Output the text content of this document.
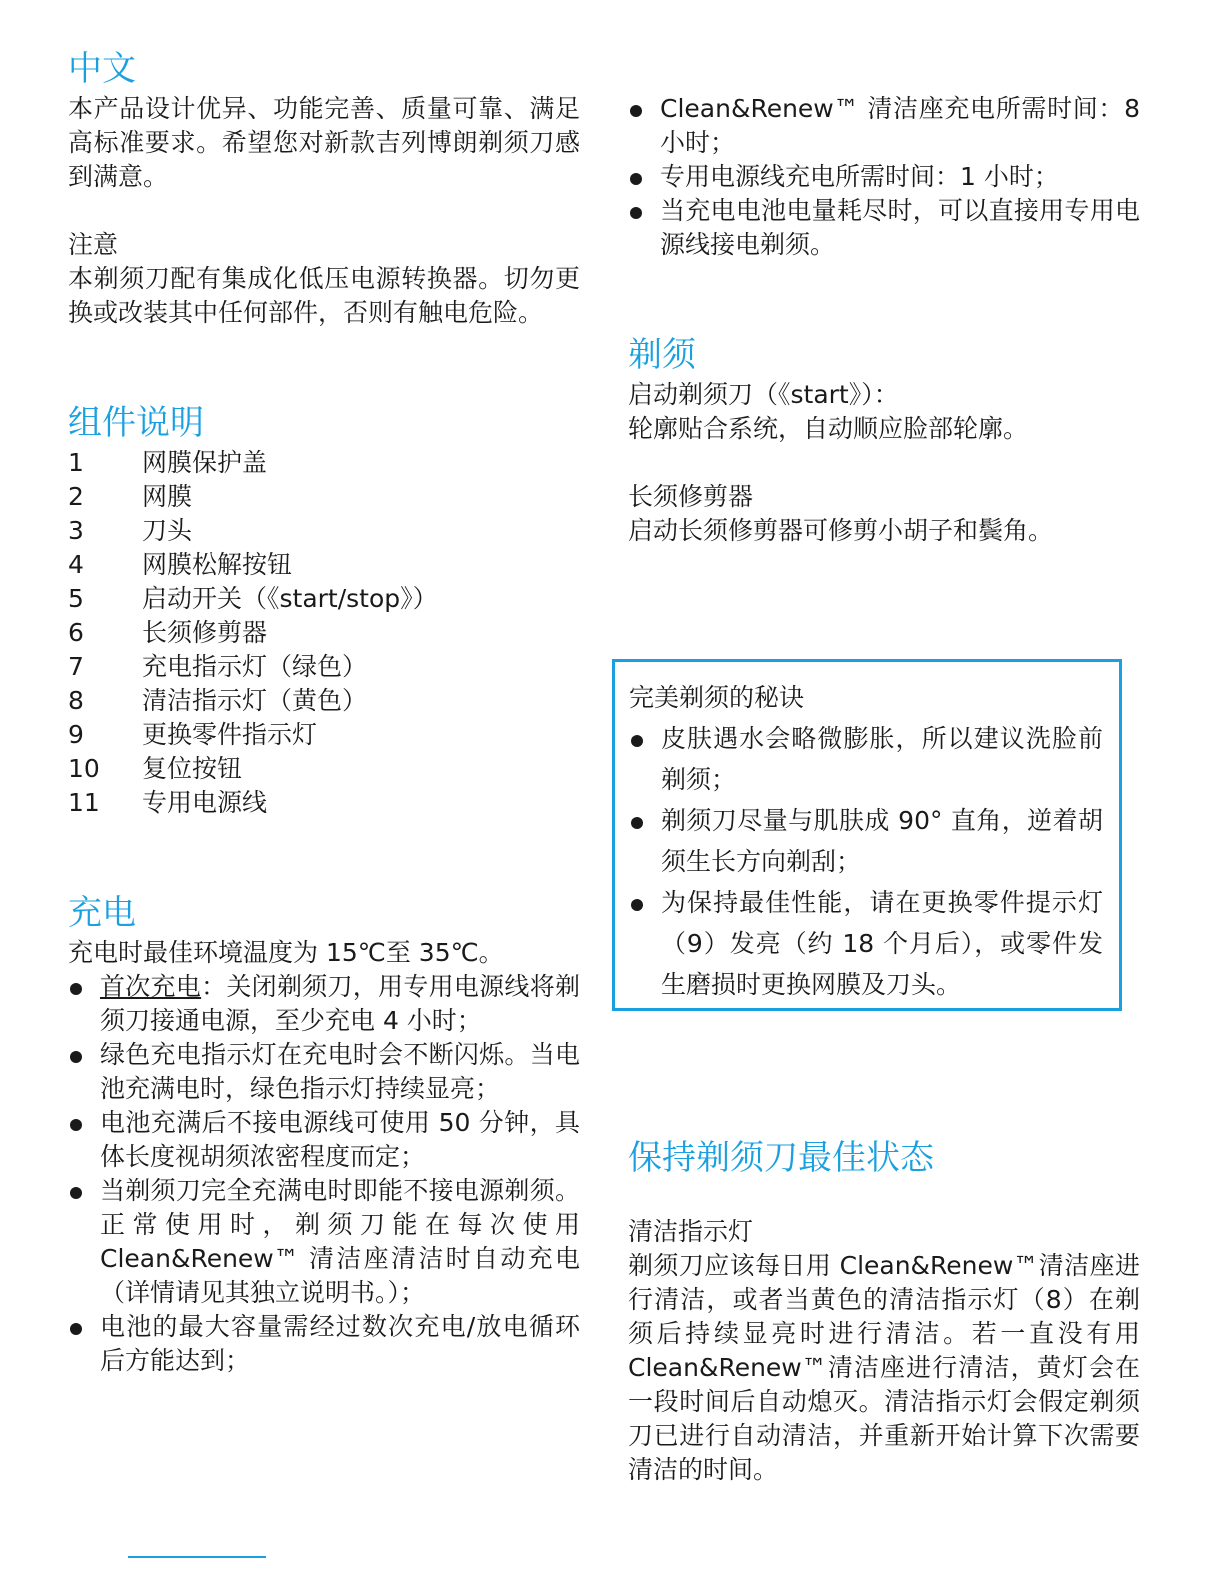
中文

本产品设计优异、功能完善、质量可靠、满足高标准要求。希望您对新款吉列博朗剃须刀感到满意。

注意

本剃须刀配有集成化低压电源转换器。切勿更换或改装其中任何部件，否则有触电危险。

组件说明
1	网膜保护盖
2	网膜
3	刀头
4	网膜松解按钮
5	启动开关（《start/stop》）
6	长须修剪器
7	充电指示灯（绿色）
8	清洁指示灯（黄色）
9	更换零件指示灯
10	复位按钮
11	专用电源线
充电

充电时最佳环境温度为 15℃至 35℃。

首次充电：关闭剃须刀，用专用电源线将剃须刀接通电源，至少充电 4 小时；
绿色充电指示灯在充电时会不断闪烁。当电池充满电时，绿色指示灯持续显亮；
电池充满后不接电源线可使用 50 分钟，具体长度视胡须浓密程度而定；
当剃须刀完全充满电时即能不接电源剃须。正常使用时，剃须刀能在每次使用 Clean&Renew™ 清洁座清洁时自动充电（详情请见其独立说明书。）；
电池的最大容量需经过数次充电/放电循环后方能达到；
Clean&Renew™ 清洁座充电所需时间：8 小时；
专用电源线充电所需时间：1 小时；
当充电电池电量耗尽时，可以直接用专用电源线接电剃须。
剃须

启动剃须刀（《start》）：

轮廓贴合系统，自动顺应脸部轮廓。

长须修剪器

启动长须修剪器可修剪小胡子和鬓角。

完美剃须的秘诀

皮肤遇水会略微膨胀，所以建议洗脸前剃须；
剃须刀尽量与肌肤成 90° 直角，逆着胡须生长方向剃刮；
为保持最佳性能，请在更换零件提示灯（9）发亮（约 18 个月后），或零件发生磨损时更换网膜及刀头。
保持剃须刀最佳状态

清洁指示灯

剃须刀应该每日用 Clean&Renew™清洁座进行清洁，或者当黄色的清洁指示灯（8）在剃须后持续显亮时进行清洁。若一直没有用 Clean&Renew™清洁座进行清洁，黄灯会在一段时间后自动熄灭。清洁指示灯会假定剃须刀已进行自动清洁，并重新开始计算下次需要清洁的时间。
